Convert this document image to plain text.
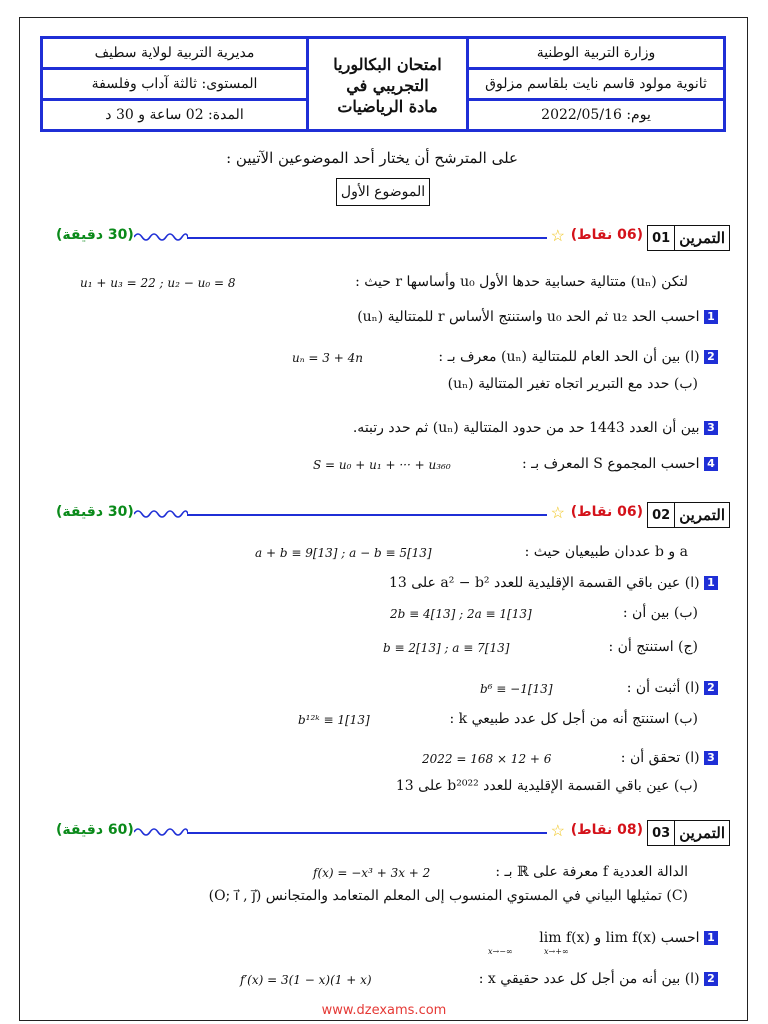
مديرية التربية لولاية سطيف
المستوى: ثالثة آداب وفلسفة
المدة: 02 ساعة و 30 د
امتحان البكالوريا
التجريبي في
مادة الرياضيات
وزارة التربية الوطنية
ثانوية مولود قاسم نايت بلقاسم مزلوق
يوم: 2022/05/16
على المترشح أن يختار أحد الموضوعين الآتيين :
الموضوع الأول
التمرين
01
(06 نقاط)
☆
(30 دقيقة)
لتكن (uₙ) متتالية حسابية حدها الأول u₀ وأساسها r حيث :
u₁ + u₃ = 22 ; u₂ − u₀ = 8
1 احسب الحد u₂ ثم الحد u₀ واستنتج الأساس r للمتتالية (uₙ)
2 (ا) بين أن الحد العام للمتتالية (uₙ) معرف بـ :
uₙ = 3 + 4n
(ب) حدد مع التبرير اتجاه تغير المتتالية (uₙ)
3 بين أن العدد 1443 حد من حدود المتتالية (uₙ) ثم حدد رتبته.
4 احسب المجموع S المعرف بـ :
S = u₀ + u₁ + ··· + u₃₆₀
التمرين
02
(06 نقاط)
☆
(30 دقيقة)
a و b عددان طبيعيان حيث :
a + b ≡ 9[13] ; a − b ≡ 5[13]
1 (ا) عين باقي القسمة الإقليدية للعدد a² − b² على 13
(ب) بين أن :
2b ≡ 4[13] ; 2a ≡ 1[13]
(ج) استنتج أن :
b ≡ 2[13] ; a ≡ 7[13]
2 (ا) أثبت أن :
b⁶ ≡ −1[13]
(ب) استنتج أنه من أجل كل عدد طبيعي k :
b¹²ᵏ ≡ 1[13]
3 (ا) تحقق أن :
2022 = 168 × 12 + 6
(ب) عين باقي القسمة الإقليدية للعدد b²⁰²² على 13
التمرين
03
(08 نقاط)
☆
(60 دقيقة)
الدالة العددية f معرفة على ℝ بـ :
f(x) = −x³ + 3x + 2
(C) تمثيلها البياني في المستوي المنسوب إلى المعلم المتعامد والمتجانس (O; i⃗ , j⃗)
1 احسب lim f(x) و lim f(x)
x→+∞
x→−∞
2 (ا) بين أنه من أجل كل عدد حقيقي x :
f′(x) = 3(1 − x)(1 + x)
www.dzexams.com
